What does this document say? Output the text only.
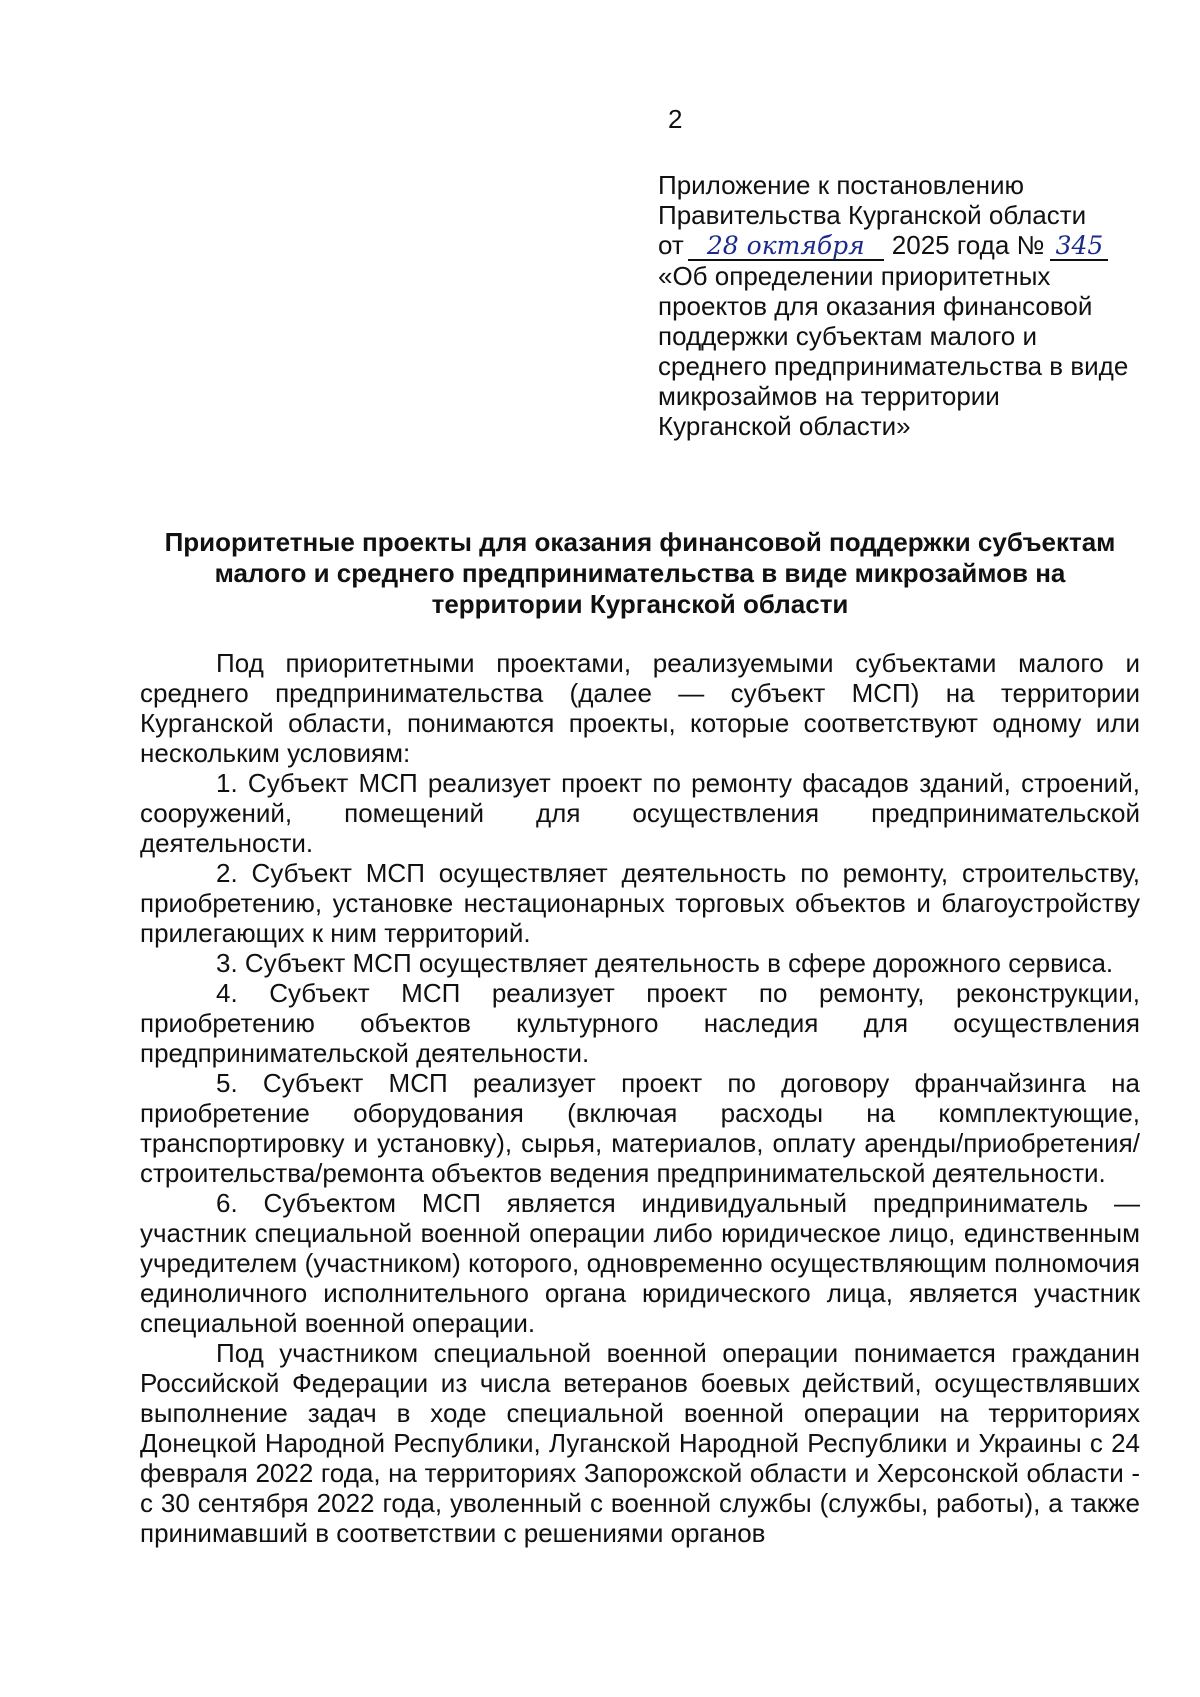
2
Приложение к постановлению
Правительства Курганской области
от 28 октября 2025 года № 345
«Об определении приоритетных
проектов для оказания финансовой
поддержки субъектам малого и
среднего предпринимательства в виде
микрозаймов на территории
Курганской области»
Приоритетные проекты для оказания финансовой поддержки субъектам
малого и среднего предпринимательства в виде микрозаймов на
территории Курганской области

Под приоритетными проектами, реализуемыми субъектами малого и среднего предпринимательства (далее — субъект МСП) на территории Курганской области, понимаются проекты, которые соответствуют одному или нескольким условиям:

1. Субъект МСП реализует проект по ремонту фасадов зданий, строений, сооружений, помещений для осуществления предпринимательской деятельности.

2. Субъект МСП осуществляет деятельность по ремонту, строительству, приобретению, установке нестационарных торговых объектов и благоустройству прилегающих к ним территорий.

3. Субъект МСП осуществляет деятельность в сфере дорожного сервиса.

4. Субъект МСП реализует проект по ремонту, реконструкции, приобретению объектов культурного наследия для осуществления предпринимательской деятельности.

5. Субъект МСП реализует проект по договору франчайзинга на приобретение оборудования (включая расходы на комплектующие, транспортировку и установку), сырья, материалов, оплату аренды/приобретения/строительства/ремонта объектов ведения предпринимательской деятельности.

6. Субъектом МСП является индивидуальный предприниматель — участник специальной военной операции либо юридическое лицо, единственным учредителем (участником) которого, одновременно осуществляющим полномочия единоличного исполнительного органа юридического лица, является участник специальной военной операции.

Под участником специальной военной операции понимается гражданин Российской Федерации из числа ветеранов боевых действий, осуществлявших выполнение задач в ходе специальной военной операции на территориях Донецкой Народной Республики, Луганской Народной Республики и Украины с 24 февраля 2022 года, на территориях Запорожской области и Херсонской области - с 30 сентября 2022 года, уволенный с военной службы (службы, работы), а также принимавший в соответствии с решениями органов
